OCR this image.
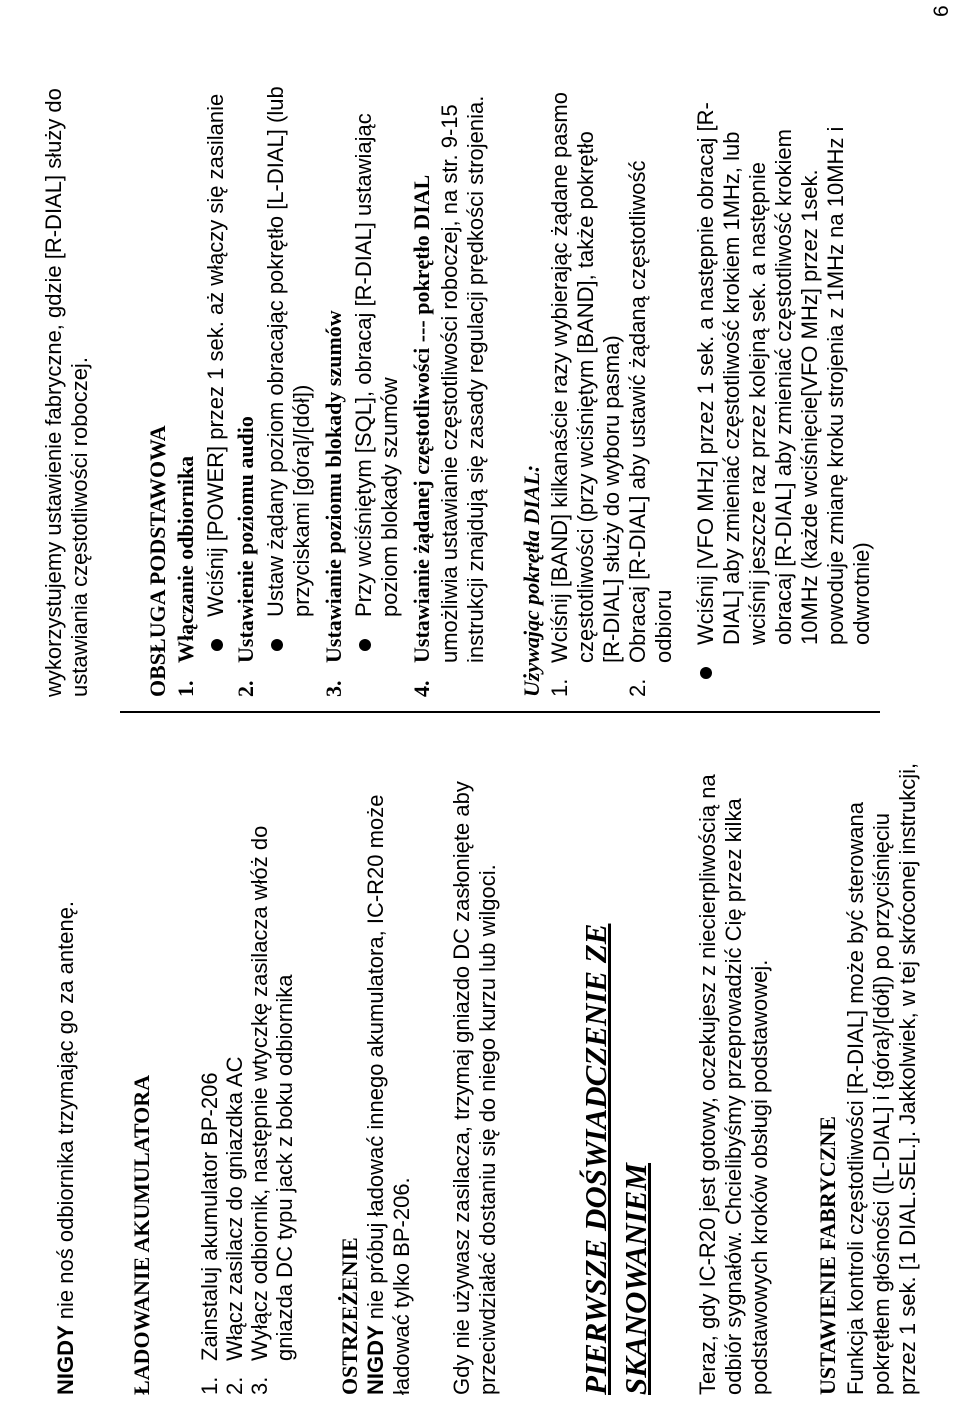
6
NIGDY nie noś odbiornika trzymając go za antenę. ŁADOWANIE AKUMULATORA 1.
Zainstaluj akumulator BP-206
2.
Włącz zasilacz do gniazdka AC
3.
Wyłącz odbiornik, następnie wtyczkę zasilacza włóż do gniazda DC typu jack z boku odbiornika OSTRZEŻENIE NIGDY nie próbuj ładować innego akumulatora, IC-R20 może ładować tylko BP-206. Gdy nie używasz zasilacza, trzymaj gniazdo DC zasłonięte aby przeciwdziałać dostaniu się do niego kurzu lub wilgoci.	PIERWSZE DOŚWIADCZENIE ZE SKANOWANIEM Teraz, gdy IC-R20 jest gotowy, oczekujesz z niecierpliwością na odbiór sygnałów. Chcielibyśmy przeprowadzić Cię przez kilka podstawowych kroków obsługi podstawowej. USTAWIENIE FABRYCZNE Funkcja kontroli częstotliwości [R-DIAL] może być sterowana pokrętłem głośności ([L-DIAL] i {góra}/[dół]) po przyciśnięciu przez 1 sek. [1 DIAL.SEL.]. Jakkolwiek, w tej skróconej instrukcji,
wykorzystujemy ustawienie fabryczne, gdzie [R-DIAL] służy do ustawiania częstotliwości roboczej. OBSŁUGA PODSTAWOWA 1.
Włączanie odbiornika Wciśnij [POWER] przez 1 sek. aż włączy się zasilanie
2.
Ustawienie poziomu audio Ustaw żądany poziom obracając pokrętło [L-DIAL] (lub przyciskami [góra]/[dół])
3.
Ustawianie poziomu blokady szumów Przy wciśniętym [SQL], obracaj [R-DIAL] ustawiając poziom blokady szumów
4.
Ustawianie żądanej częstotliwości --- pokrętło DIAL umożliwia ustawianie częstotliwości roboczej, na str. 9-15 instrukcji znajdują się zasady regulacji prędkości strojenia. Używając pokrętła DIAL: 1.
Wciśnij [BAND] kilkanaście razy wybierając żądane pasmo częstotliwości (przy wciśniętym [BAND], także pokrętło [R-DIAL] służy do wyboru pasma)
2.
Obracaj [R-DIAL] aby ustawić żądaną częstotliwość odbioru Wciśnij [VFO MHz] przez 1 sek. a następnie obracaj [R- DIAL] aby zmieniać częstotliwość krokiem 1MHz, lub wciśnij jeszcze raz przez kolejną sek. a następnie obracaj [R-DIAL] aby zmieniać częstotliwość krokiem 10MHz (każde wciśnięcie[VFO MHz] przez 1sek. powoduje zmianę kroku strojenia z 1MHz na 10MHz i odwrotnie)
